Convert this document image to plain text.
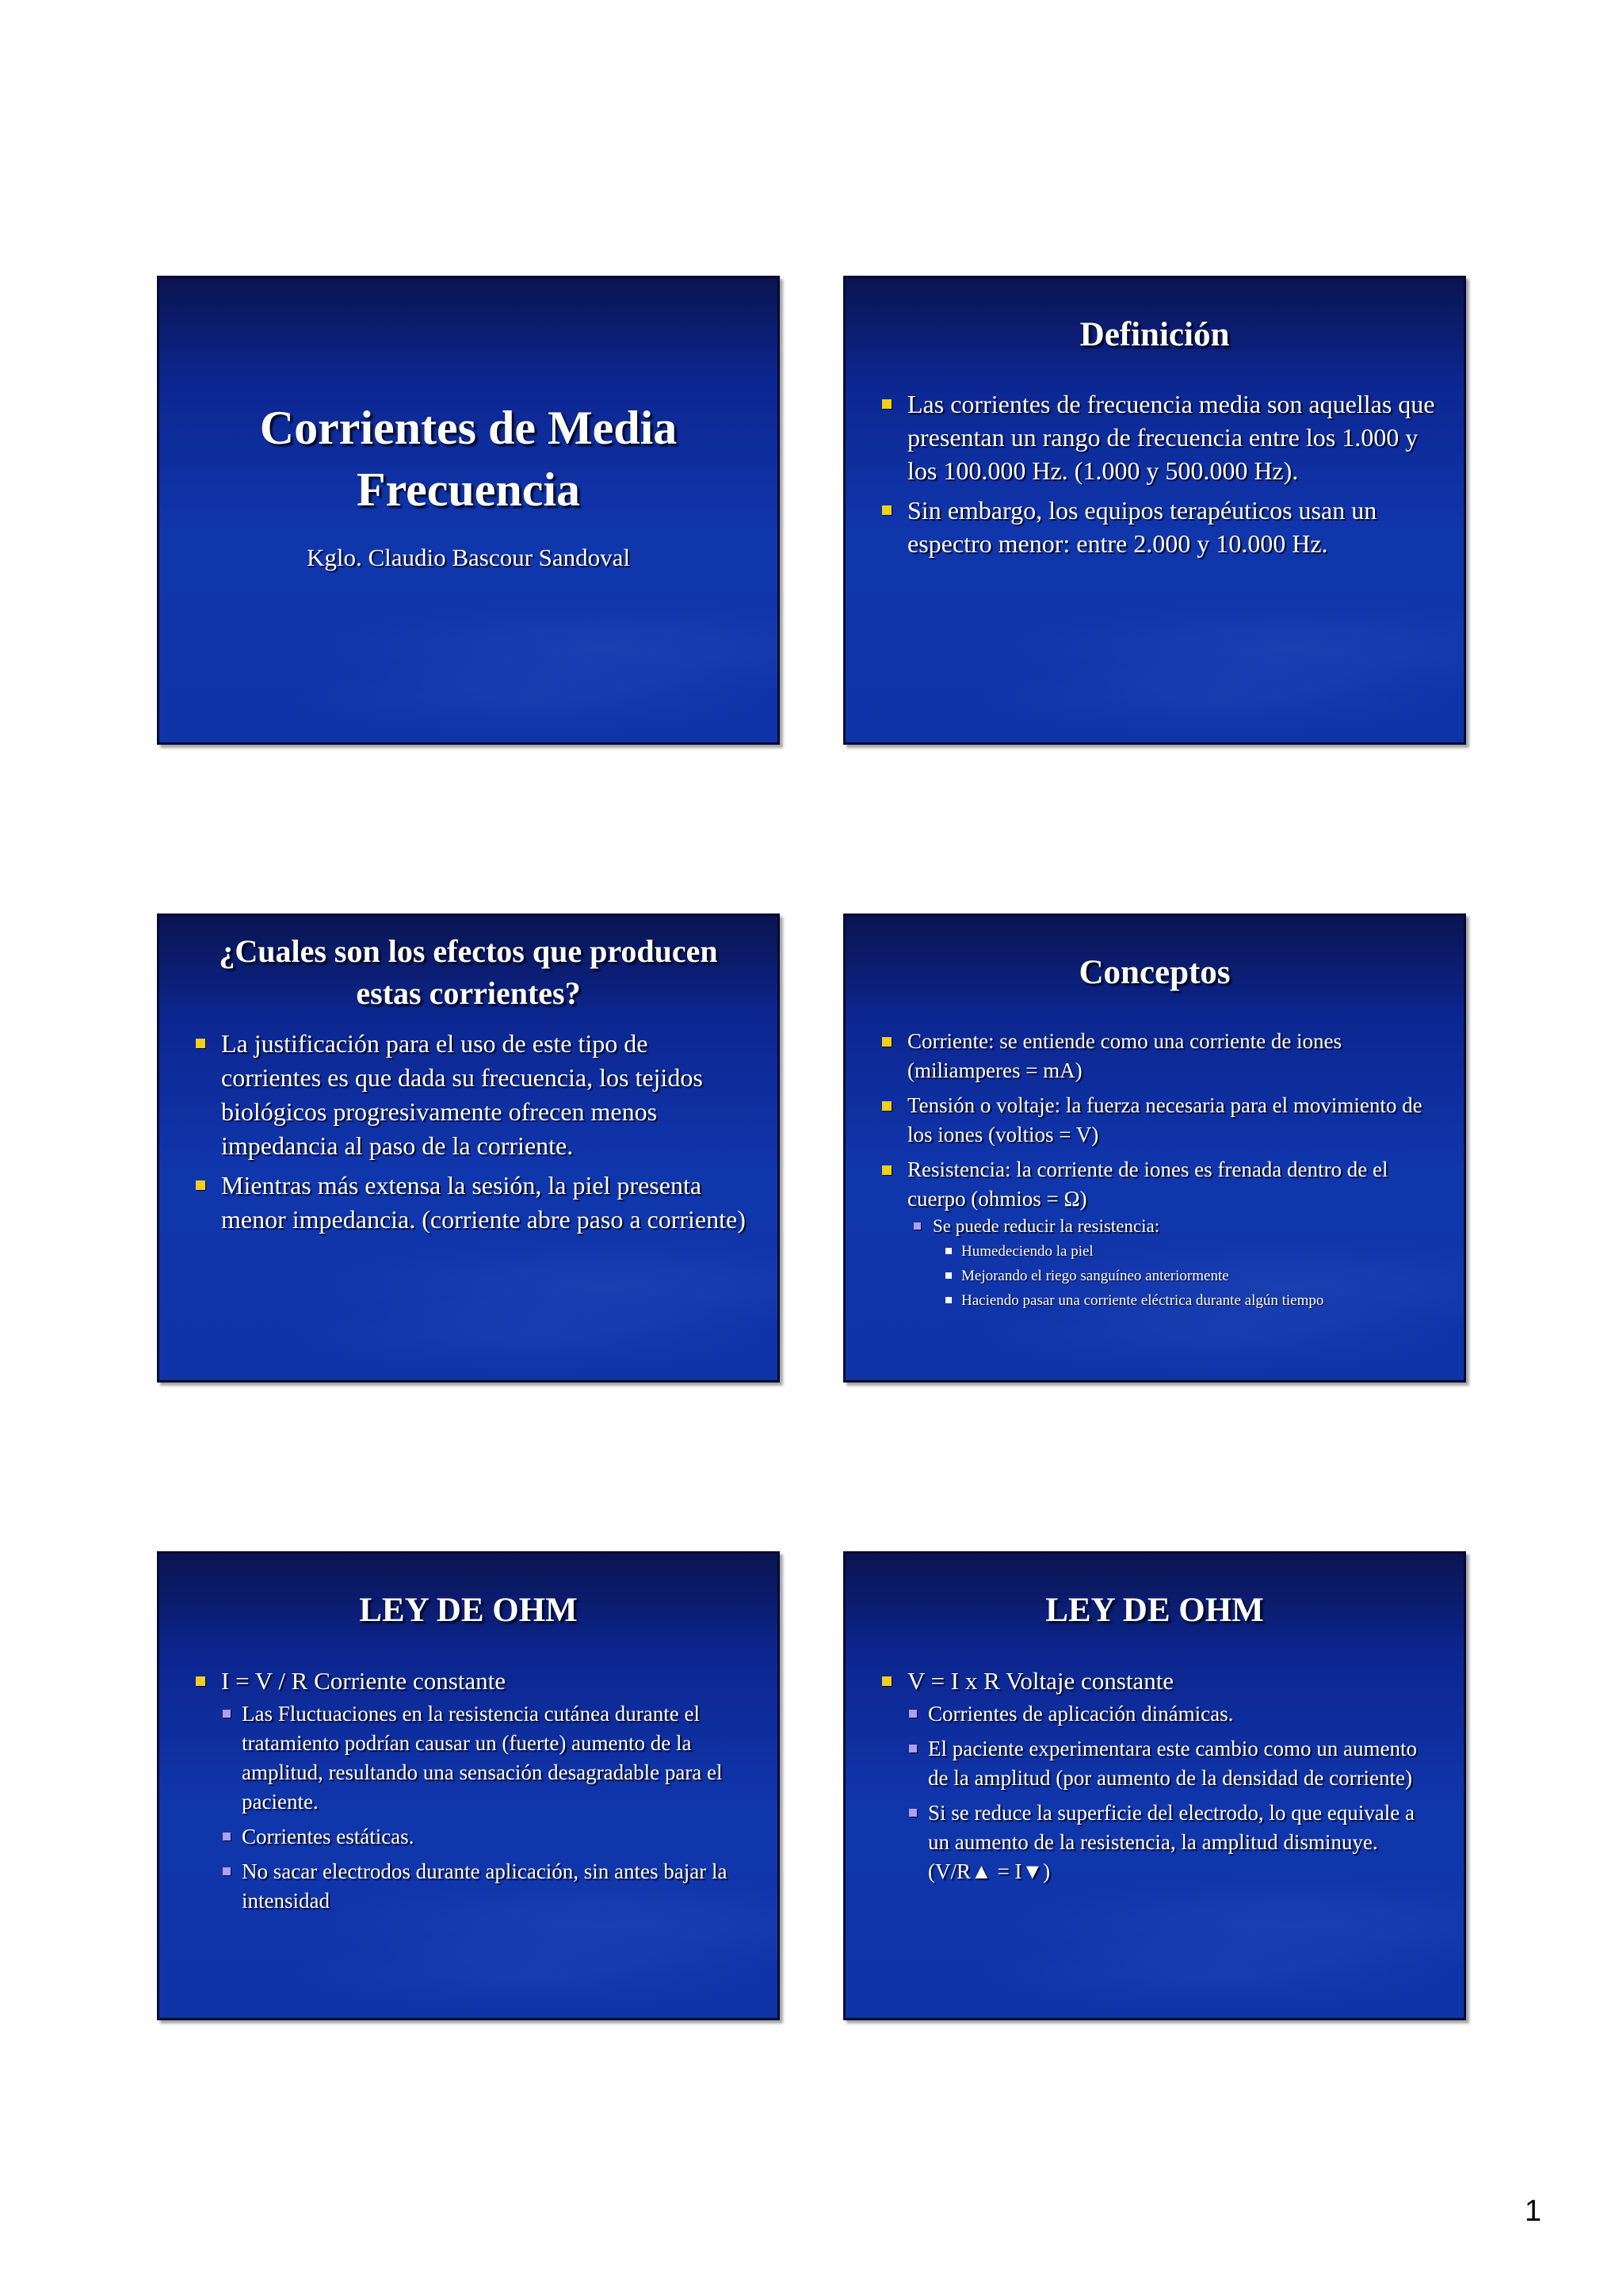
Corrientes de Media Frecuencia
Kglo. Claudio Bascour Sandoval
Definición
Las corrientes de frecuencia media son aquellas que presentan un rango de frecuencia entre los 1.000 y los 100.000 Hz. (1.000 y 500.000 Hz).
Sin embargo, los equipos terapéuticos usan un espectro menor: entre 2.000 y 10.000 Hz.
¿Cuales son los efectos que producen estas corrientes?
La justificación para el uso de este tipo de corrientes es que dada su frecuencia, los tejidos biológicos progresivamente ofrecen menos impedancia al paso de la corriente.
Mientras más extensa la sesión, la piel presenta menor impedancia. (corriente abre paso a corriente)
Conceptos
Corriente: se entiende como una corriente de iones (miliamperes = mA)
Tensión o voltaje: la fuerza necesaria para el movimiento de los iones (voltios = V)
Resistencia: la corriente de iones es frenada dentro de el cuerpo (ohmios = Ω)
Se puede reducir la resistencia:
Humedeciendo la piel
Mejorando el riego sanguíneo anteriormente
Haciendo pasar una corriente eléctrica durante algún tiempo
LEY DE OHM
I = V / R Corriente constante
Las Fluctuaciones en la resistencia cutánea durante el tratamiento podrían causar un (fuerte) aumento de la amplitud, resultando una sensación desagradable para el paciente.
Corrientes estáticas.
No sacar electrodos durante aplicación, sin antes bajar la intensidad
LEY DE OHM
V = I x R Voltaje constante
Corrientes de aplicación dinámicas.
El paciente experimentara este cambio como un aumento de la amplitud (por aumento de la densidad de corriente)
Si se reduce la superficie del electrodo, lo que equivale a un aumento de la resistencia, la amplitud disminuye. (V/R▲ = I▼)
1
